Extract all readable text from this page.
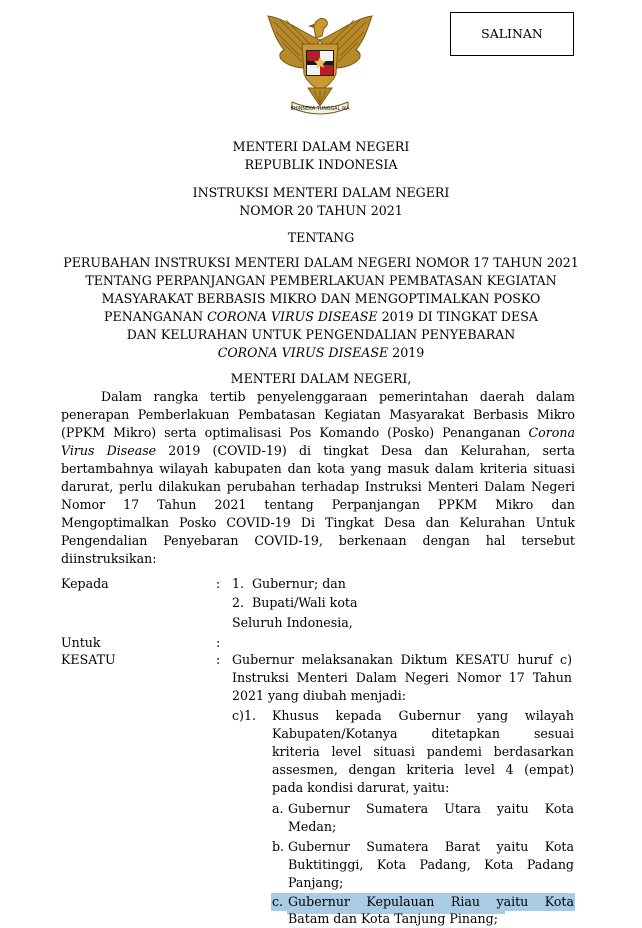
SALINAN
BHINNEKA TUNGGAL IKA
MENTERI DALAM NEGERI
REPUBLIK INDONESIA
INSTRUKSI MENTERI DALAM NEGERI
NOMOR 20 TAHUN 2021
TENTANG
PERUBAHAN INSTRUKSI MENTERI DALAM NEGERI NOMOR 17 TAHUN 2021
TENTANG PERPANJANGAN PEMBERLAKUAN PEMBATASAN KEGIATAN
MASYARAKAT BERBASIS MIKRO DAN MENGOPTIMALKAN POSKO
PENANGANAN CORONA VIRUS DISEASE 2019 DI TINGKAT DESA
DAN KELURAHAN UNTUK PENGENDALIAN PENYEBARAN
CORONA VIRUS DISEASE 2019
MENTERI DALAM NEGERI,
Dalam rangka tertib penyelenggaraan pemerintahan daerah dalam
penerapan Pemberlakuan Pembatasan Kegiatan Masyarakat Berbasis Mikro
(PPKM Mikro) serta optimalisasi Pos Komando (Posko) Penanganan Corona
Virus Disease 2019 (COVID-19) di tingkat Desa dan Kelurahan, serta
bertambahnya wilayah kabupaten dan kota yang masuk dalam kriteria situasi
darurat, perlu dilakukan perubahan terhadap Instruksi Menteri Dalam Negeri
Nomor 17 Tahun 2021 tentang Perpanjangan PPKM Mikro dan
Mengoptimalkan Posko COVID-19 Di Tingkat Desa dan Kelurahan Untuk
Pengendalian Penyebaran COVID-19, berkenaan dengan hal tersebut
diinstruksikan:
Kepada	: 1. Gubernur; dan
2. Bupati/Wali kota
Seluruh Indonesia,
Untuk	:
KESATU	: Gubernur melaksanakan Diktum KESATU huruf c)
Instruksi Menteri Dalam Negeri Nomor 17 Tahun
2021 yang diubah menjadi:
c)1. Khusus kepada Gubernur yang wilayah
Kabupaten/Kotanya ditetapkan sesuai
kriteria level situasi pandemi berdasarkan
assesmen, dengan kriteria level 4 (empat)
pada kondisi darurat, yaitu:
a. Gubernur Sumatera Utara yaitu Kota
Medan;
b. Gubernur Sumatera Barat yaitu Kota
Buktitinggi, Kota Padang, Kota Padang
Panjang;
c. Gubernur Kepulauan Riau yaitu Kota
Batam dan Kota Tanjung Pinang;
